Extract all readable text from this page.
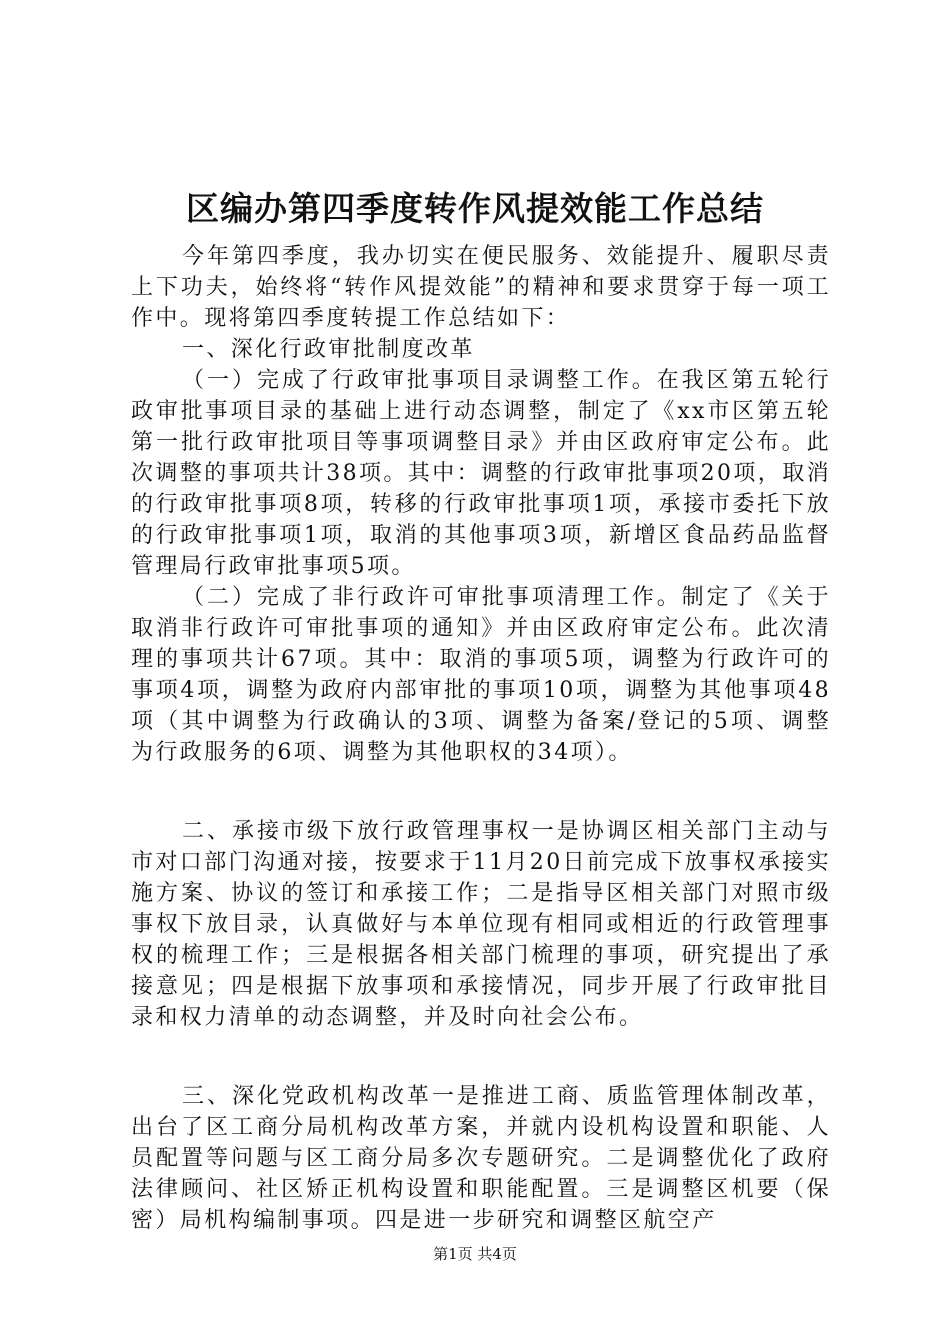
区编办第四季度转作风提效能工作总结

今年第四季度，我办切实在便民服务、效能提升、履职尽责上下功夫，始终将“转作风提效能”的精神和要求贯穿于每一项工作中。现将第四季度转提工作总结如下：

一、深化行政审批制度改革

（一）完成了行政审批事项目录调整工作。在我区第五轮行政审批事项目录的基础上进行动态调整，制定了《xx市区第五轮第一批行政审批项目等事项调整目录》并由区政府审定公布。此次调整的事项共计38项。其中：调整的行政审批事项20项，取消的行政审批事项8项，转移的行政审批事项1项，承接市委托下放的行政审批事项1项，取消的其他事项3项，新增区食品药品监督管理局行政审批事项5项。

（二）完成了非行政许可审批事项清理工作。制定了《关于取消非行政许可审批事项的通知》并由区政府审定公布。此次清理的事项共计67项。其中：取消的事项5项，调整为行政许可的事项4项，调整为政府内部审批的事项10项，调整为其他事项48项（其中调整为行政确认的3项、调整为备案/登记的5项、调整为行政服务的6项、调整为其他职权的34项）。

二、承接市级下放行政管理事权一是协调区相关部门主动与市对口部门沟通对接，按要求于11月20日前完成下放事权承接实施方案、协议的签订和承接工作；二是指导区相关部门对照市级事权下放目录，认真做好与本单位现有相同或相近的行政管理事权的梳理工作；三是根据各相关部门梳理的事项，研究提出了承接意见；四是根据下放事项和承接情况，同步开展了行政审批目录和权力清单的动态调整，并及时向社会公布。

三、深化党政机构改革一是推进工商、质监管理体制改革，出台了区工商分局机构改革方案，并就内设机构设置和职能、人员配置等问题与区工商分局多次专题研究。二是调整优化了政府法律顾问、社区矫正机构设置和职能配置。三是调整区机要（保密）局机构编制事项。四是进一步研究和调整区航空产

第1页 共4页
